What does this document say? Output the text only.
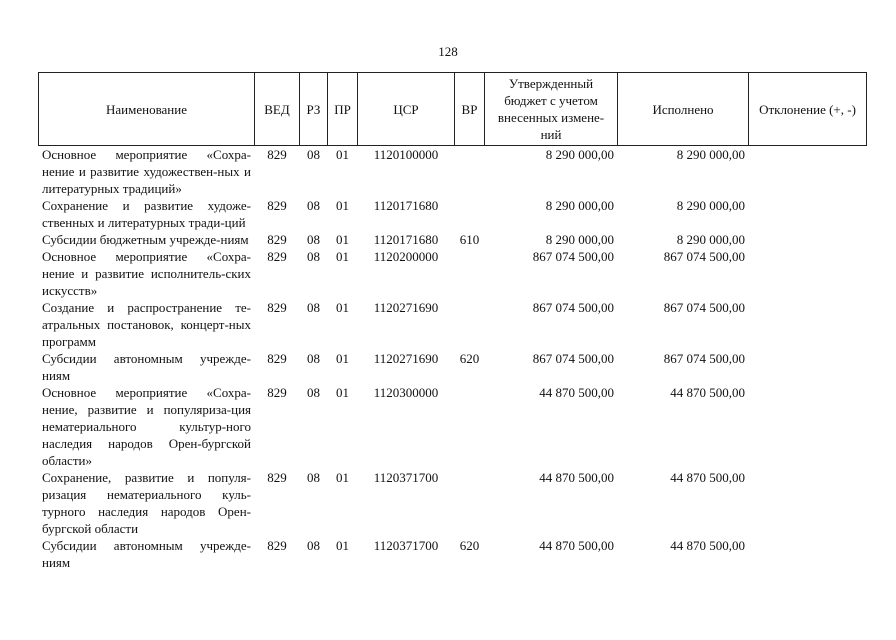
128
Наименование	ВЕД	РЗ	ПР	ЦСР	ВР	Утвержденный бюджет с учетом внесенных измене-ний	Исполнено	Отклонение (+, -)
Основное мероприятие «Сохра-нение и развитие художествен-ных и литературных традиций»	829	08	01	1120100000		8 290 000,00	8 290 000,00	
Сохранение и развитие художе-ственных и литературных тради-ций	829	08	01	1120171680		8 290 000,00	8 290 000,00	
Субсидии бюджетным учрежде-ниям	829	08	01	1120171680	610	8 290 000,00	8 290 000,00	
Основное мероприятие «Сохра-нение и развитие исполнитель-ских искусств»	829	08	01	1120200000		867 074 500,00	867 074 500,00	
Создание и распространение те-атральных постановок, концерт-ных программ	829	08	01	1120271690		867 074 500,00	867 074 500,00	
Субсидии автономным учрежде-ниям	829	08	01	1120271690	620	867 074 500,00	867 074 500,00	
Основное мероприятие «Сохра-нение, развитие и популяриза-ция нематериального культур-ного наследия народов Орен-бургской области»	829	08	01	1120300000		44 870 500,00	44 870 500,00	
Сохранение, развитие и популя-ризация нематериального куль-турного наследия народов Орен-бургской области	829	08	01	1120371700		44 870 500,00	44 870 500,00	
Субсидии автономным учрежде-ниям	829	08	01	1120371700	620	44 870 500,00	44 870 500,00	
